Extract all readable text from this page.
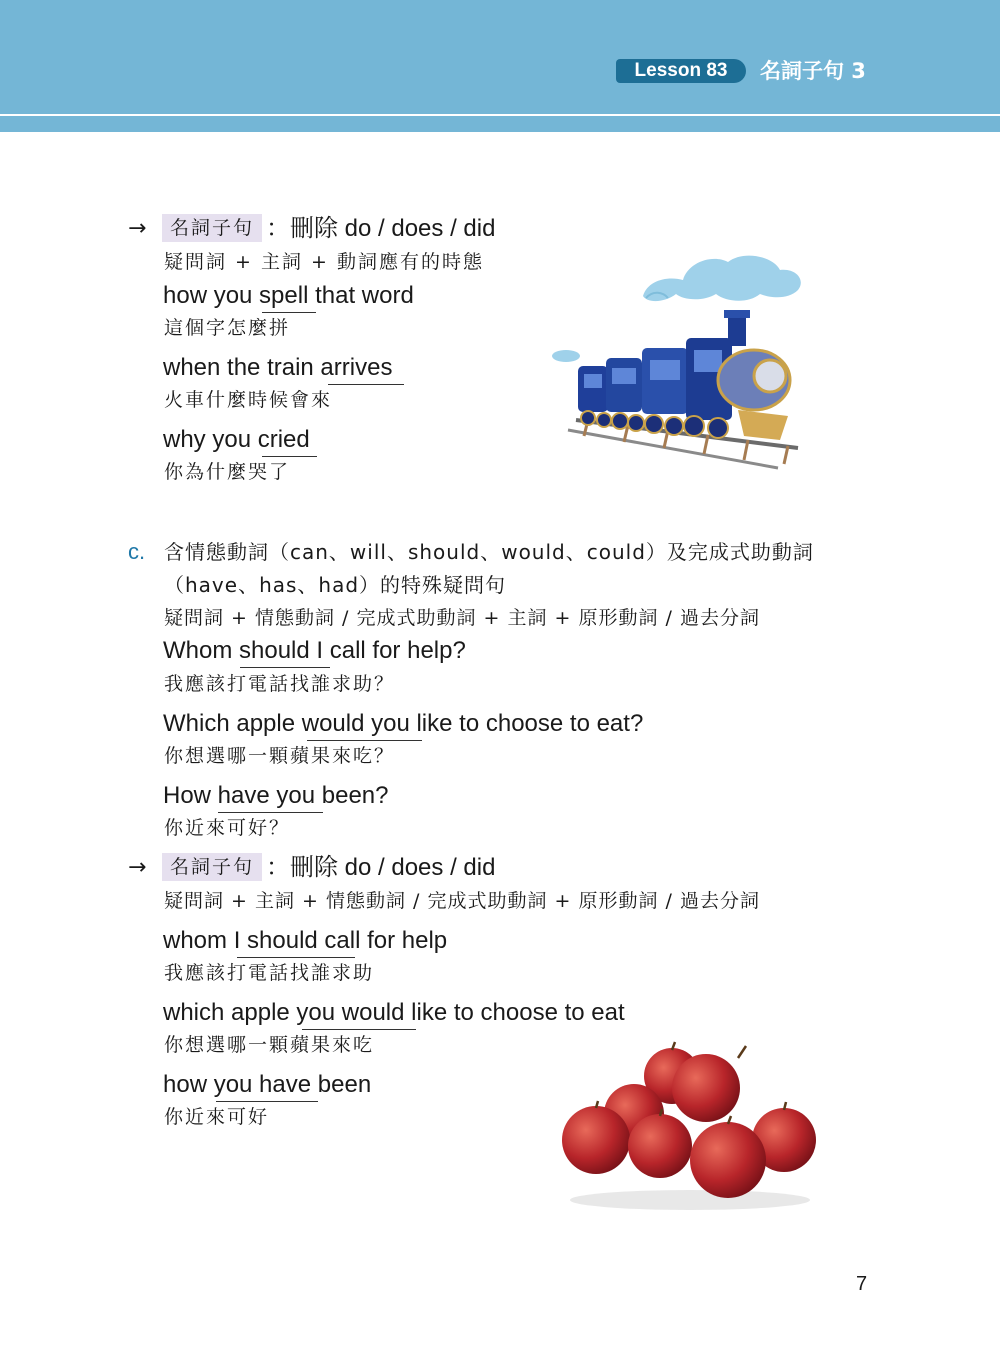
Lesson 83	名詞子句 3
→	名詞子句 ：刪除 do / does / did
疑問詞 + 主詞 + 動詞應有的時態
how you spell that word
這個字怎麼拼
when the train arrives
火車什麼時候會來
why you cried
你為什麼哭了
c. 含情態動詞（can、will、should、would、could）及完成式助動詞
（have、has、had）的特殊疑問句
疑問詞 + 情態動詞 / 完成式助動詞 + 主詞 + 原形動詞 / 過去分詞
Whom should I call for help?
我應該打電話找誰求助？
Which apple would you like to choose to eat?
你想選哪一顆蘋果來吃？
How have you been?
你近來可好？
→	名詞子句 ：刪除 do / does / did
疑問詞 + 主詞 + 情態動詞 / 完成式助動詞 + 原形動詞 / 過去分詞
whom I should call for help
我應該打電話找誰求助
which apple you would like to choose to eat
你想選哪一顆蘋果來吃
how you have been
你近來可好
7
